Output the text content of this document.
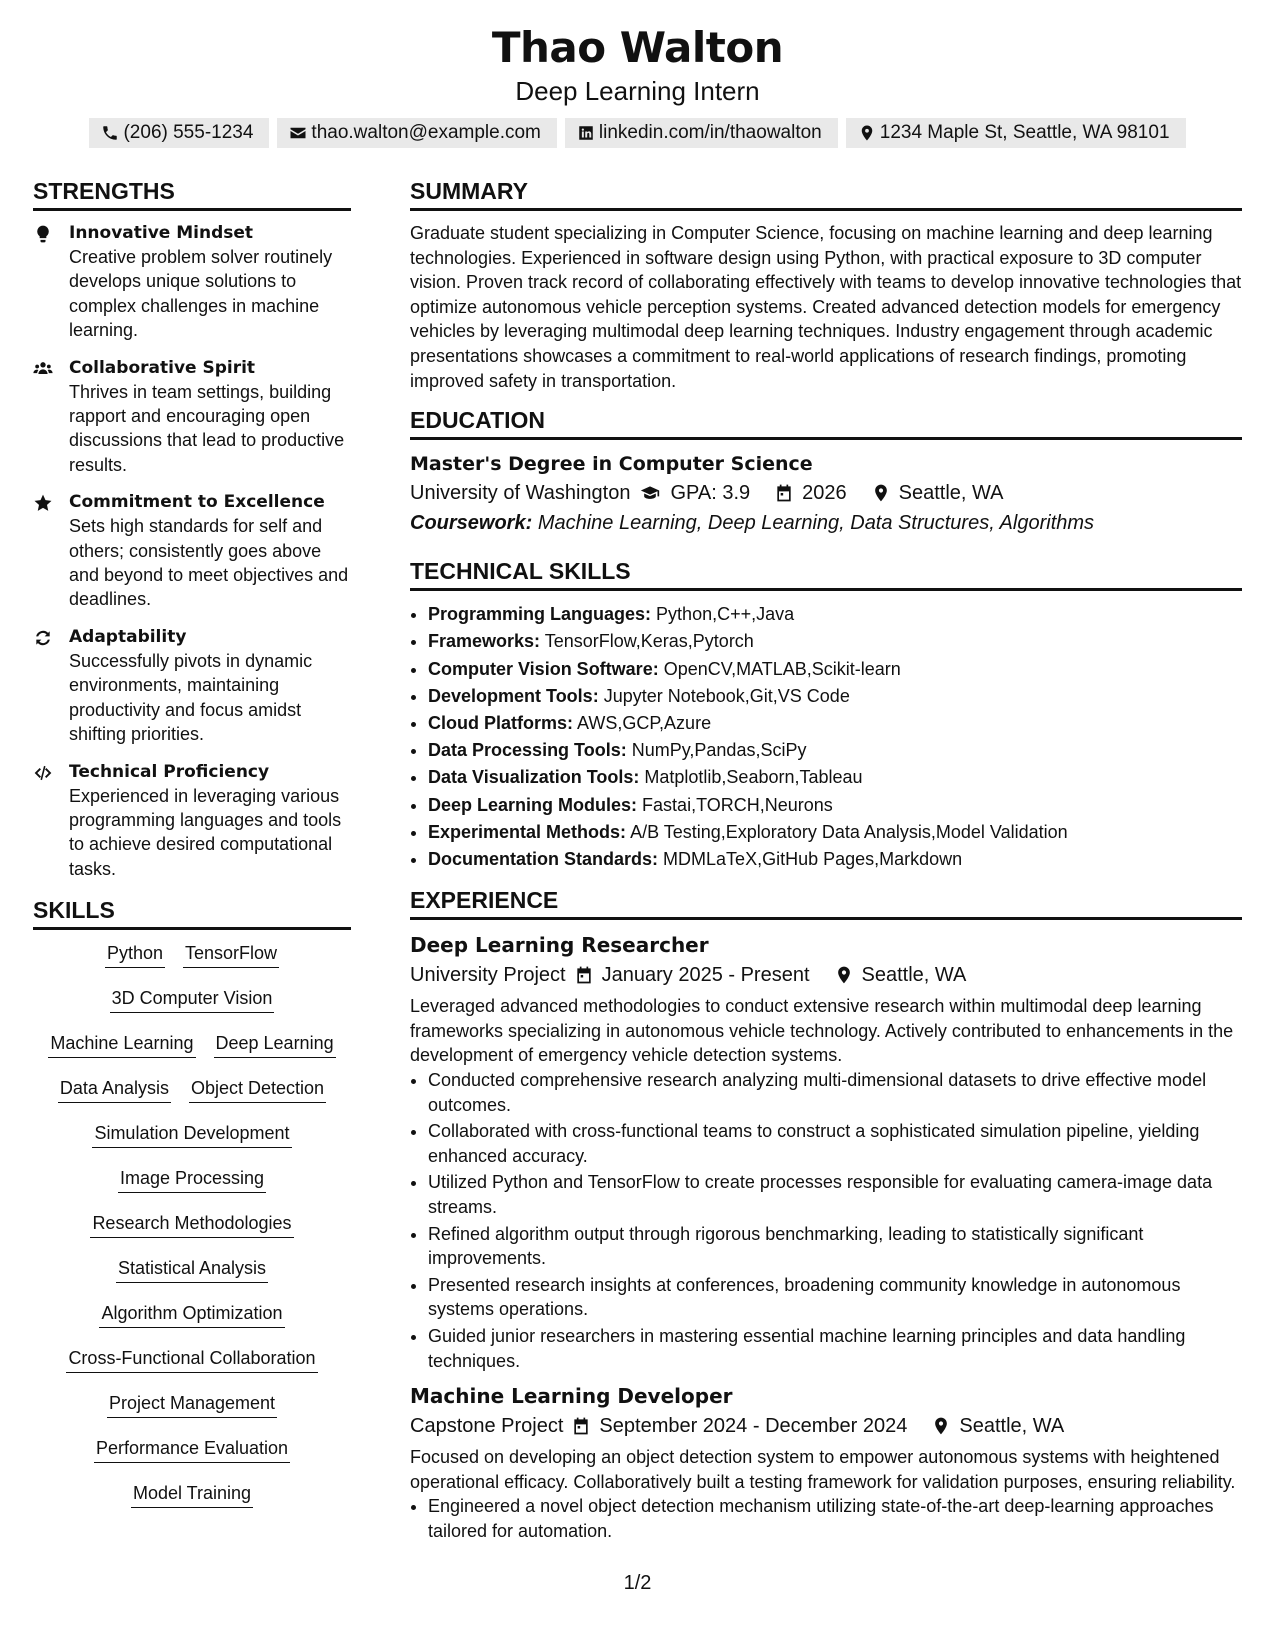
Thao Walton
Deep Learning Intern
(206) 555-1234	thao.walton@example.com	linkedin.com/in/thaowalton	1234 Maple St, Seattle, WA 98101
STRENGTHS
Innovative Mindset
Creative problem solver routinely develops unique solutions to complex challenges in machine learning.
Collaborative Spirit
Thrives in team settings, building rapport and encouraging open discussions that lead to productive results.
Commitment to Excellence
Sets high standards for self and others; consistently goes above and beyond to meet objectives and deadlines.
Adaptability
Successfully pivots in dynamic environments, maintaining productivity and focus amidst shifting priorities.
Technical Proficiency
Experienced in leveraging various programming languages and tools to achieve desired computational tasks.
SKILLS
Python TensorFlow
3D Computer Vision
Machine Learning Deep Learning
Data Analysis Object Detection
Simulation Development
Image Processing
Research Methodologies
Statistical Analysis
Algorithm Optimization
Cross-Functional Collaboration
Project Management
Performance Evaluation
Model Training
SUMMARY
Graduate student specializing in Computer Science, focusing on machine learning and deep learning technologies. Experienced in software design using Python, with practical exposure to 3D computer vision. Proven track record of collaborating effectively with teams to develop innovative technologies that optimize autonomous vehicle perception systems. Created advanced detection models for emergency vehicles by leveraging multimodal deep learning techniques. Industry engagement through academic presentations showcases a commitment to real-world applications of research findings, promoting improved safety in transportation.
EDUCATION
Master's Degree in Computer Science
University of Washington GPA: 3.9	2026	Seattle, WA
Coursework: Machine Learning, Deep Learning, Data Structures, Algorithms
TECHNICAL SKILLS
• Programming Languages: Python,C++,Java
• Frameworks: TensorFlow,Keras,Pytorch
• Computer Vision Software: OpenCV,MATLAB,Scikit-learn
• Development Tools: Jupyter Notebook,Git,VS Code
• Cloud Platforms: AWS,GCP,Azure
• Data Processing Tools: NumPy,Pandas,SciPy
• Data Visualization Tools: Matplotlib,Seaborn,Tableau
• Deep Learning Modules: Fastai,TORCH,Neurons
• Experimental Methods: A/B Testing,Exploratory Data Analysis,Model Validation
• Documentation Standards: MDMLaTeX,GitHub Pages,Markdown
EXPERIENCE
Deep Learning Researcher
University Project January 2025 - Present	Seattle, WA
Leveraged advanced methodologies to conduct extensive research within multimodal deep learning frameworks specializing in autonomous vehicle technology. Actively contributed to enhancements in the development of emergency vehicle detection systems.
• Conducted comprehensive research analyzing multi-dimensional datasets to drive effective model outcomes.
• Collaborated with cross-functional teams to construct a sophisticated simulation pipeline, yielding enhanced accuracy.
• Utilized Python and TensorFlow to create processes responsible for evaluating camera-image data streams.
• Refined algorithm output through rigorous benchmarking, leading to statistically significant improvements.
• Presented research insights at conferences, broadening community knowledge in autonomous systems operations.
• Guided junior researchers in mastering essential machine learning principles and data handling techniques.
Machine Learning Developer
Capstone Project September 2024 - December 2024	Seattle, WA
Focused on developing an object detection system to empower autonomous systems with heightened operational efficacy. Collaboratively built a testing framework for validation purposes, ensuring reliability.
• Engineered a novel object detection mechanism utilizing state-of-the-art deep-learning approaches tailored for automation.
1/2
